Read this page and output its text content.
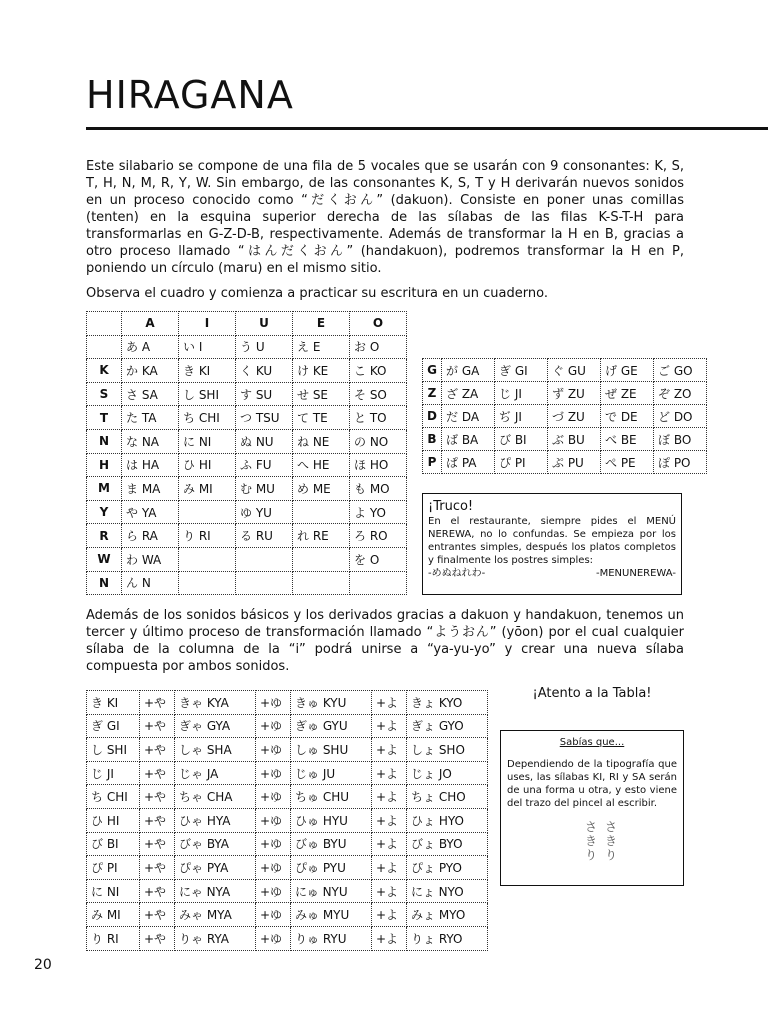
HIRAGANA

Este silabario se compone de una fila de 5 vocales que se usarán con 9 consonantes: K, S, T, H, N, M, R, Y, W. Sin embargo, de las consonantes K, S, T y H derivarán nuevos sonidos en un proceso conocido como “だくおん” (dakuon). Consiste en poner unas comillas (tenten) en la esquina superior derecha de las sílabas de las filas K-S-T-H para transformarlas en G-Z-D-B, respectivamente. Además de transformar la H en B, gracias a otro proceso llamado “はんだくおん” (handakuon), podremos transformar la H en P, poniendo un círculo (maru) en el mismo sitio.

Observa el cuadro y comienza a practicar su escritura en un cuaderno.

	A	I	U	E	O
	あ A	い I	う U	え E	お O
K	か KA	き KI	く KU	け KE	こ KO
S	さ SA	し SHI	す SU	せ SE	そ SO
T	た TA	ち CHI	つ TSU	て TE	と TO
N	な NA	に NI	ぬ NU	ね NE	の NO
H	は HA	ひ HI	ふ FU	へ HE	ほ HO
M	ま MA	み MI	む MU	め ME	も MO
Y	や YA		ゆ YU		よ YO
R	ら RA	り RI	る RU	れ RE	ろ RO
W	わ WA				を O
N	ん N				
G	が GA	ぎ GI	ぐ GU	げ GE	ご GO
Z	ざ ZA	じ JI	ず ZU	ぜ ZE	ぞ ZO
D	だ DA	ぢ JI	づ ZU	で DE	ど DO
B	ば BA	び BI	ぶ BU	べ BE	ぼ BO
P	ぱ PA	ぴ PI	ぷ PU	ぺ PE	ぽ PO

¡Truco!

En el restaurante, siempre pides el MENÚ NEREWA, no lo confundas. Se empieza por los entrantes simples, después los platos completos y finalmente los postres simples:

-めぬねれわ-	-MENUNEREWA-

Además de los sonidos básicos y los derivados gracias a dakuon y handakuon, tenemos un tercer y último proceso de transformación llamado “ようおん” (yōon) por el cual cualquier sílaba de la columna de la “i” podrá unirse a “ya-yu-yo” y crear una nueva sílaba compuesta por ambos sonidos.

き KI	+や	きゃ KYA	+ゆ	きゅ KYU	+よ	きょ KYO
ぎ GI	+や	ぎゃ GYA	+ゆ	ぎゅ GYU	+よ	ぎょ GYO
し SHI	+や	しゃ SHA	+ゆ	しゅ SHU	+よ	しょ SHO
じ JI	+や	じゃ JA	+ゆ	じゅ JU	+よ	じょ JO
ち CHI	+や	ちゃ CHA	+ゆ	ちゅ CHU	+よ	ちょ CHO
ひ HI	+や	ひゃ HYA	+ゆ	ひゅ HYU	+よ	ひょ HYO
び BI	+や	びゃ BYA	+ゆ	びゅ BYU	+よ	びょ BYO
ぴ PI	+や	ぴゃ PYA	+ゆ	ぴゅ PYU	+よ	ぴょ PYO
に NI	+や	にゃ NYA	+ゆ	にゅ NYU	+よ	にょ NYO
み MI	+や	みゃ MYA	+ゆ	みゅ MYU	+よ	みょ MYO
り RI	+や	りゃ RYA	+ゆ	りゅ RYU	+よ	りょ RYO

¡Atento a la Tabla!

Sabías que...

Dependiendo de la tipografía que uses, las sílabas KI, RI y SA serán de una forma u otra, y esto viene del trazo del pincel al escribir.

さ さ
き き
り り

20
